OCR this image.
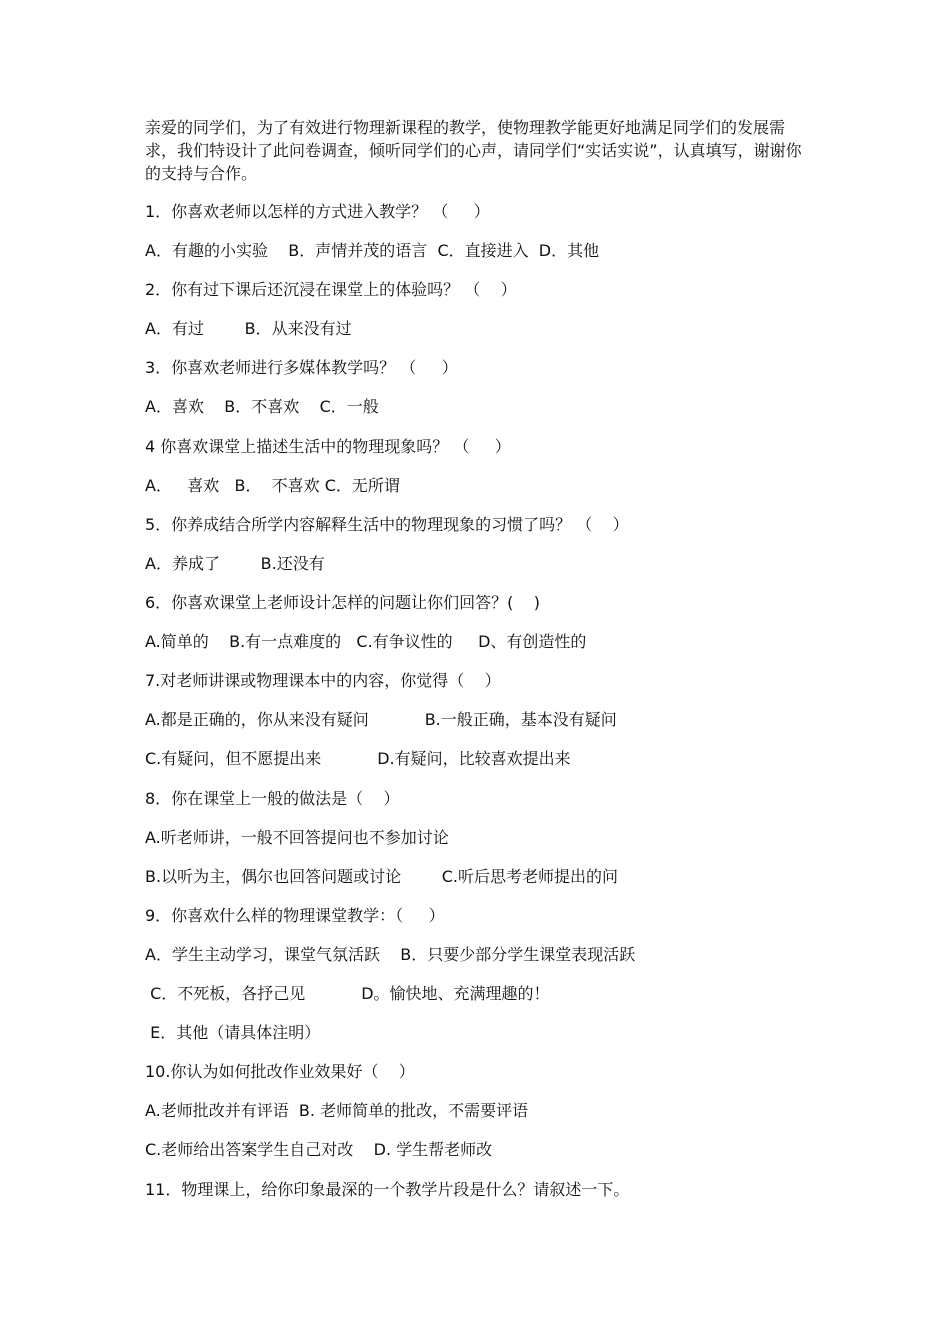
亲爱的同学们，为了有效进行物理新课程的教学，使物理教学能更好地满足同学们的发展需求，我们特设计了此问卷调查，倾听同学们的心声，请同学们“实话实说”，认真填写，谢谢你的支持与合作。

1．你喜欢老师以怎样的方式进入教学？ （     ）

A．有趣的小实验    B．声情并茂的语言  C．直接进入  D．其他

2．你有过下课后还沉浸在课堂上的体验吗？ （    ）

A．有过        B．从来没有过

3．你喜欢老师进行多媒体教学吗？ （     ）

A．喜欢    B．不喜欢    C．一般

4 你喜欢课堂上描述生活中的物理现象吗？ （     ）

A．   喜欢   B．  不喜欢 C．无所谓

5．你养成结合所学内容解释生活中的物理现象的习惯了吗？ （    ）

A．养成了        B.还没有

6．你喜欢课堂上老师设计怎样的问题让你们回答？(    )

A.简单的    B.有一点难度的   C.有争议性的     D、有创造性的

7.对老师讲课或物理课本中的内容，你觉得（    ）

A.都是正确的，你从来没有疑问           B.一般正确，基本没有疑问

C.有疑问，但不愿提出来           D.有疑问，比较喜欢提出来

8．你在课堂上一般的做法是（    ）

A.听老师讲，一般不回答提问也不参加讨论

B.以听为主，偶尔也回答问题或讨论        C.听后思考老师提出的问

9．你喜欢什么样的物理课堂教学：（     ）

A．学生主动学习，课堂气氛活跃    B．只要少部分学生课堂表现活跃

C．不死板，各抒己见           D。愉快地、充满理趣的！

E．其他（请具体注明）

10.你认为如何批改作业效果好（    ）

A.老师批改并有评语  B. 老师简单的批改，不需要评语

C.老师给出答案学生自己对改    D. 学生帮老师改

11．物理课上，给你印象最深的一个教学片段是什么？请叙述一下。
